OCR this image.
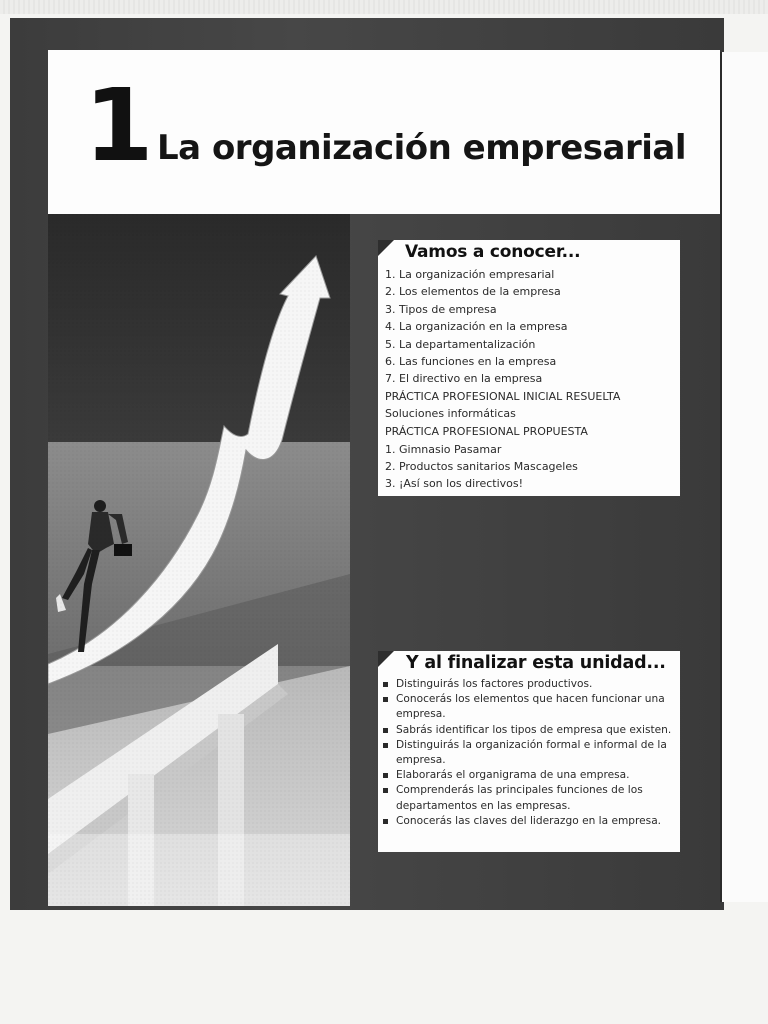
1 La organización empresarial
Vamos a conocer...
1. La organización empresarial
2. Los elementos de la empresa
3. Tipos de empresa
4. La organización en la empresa
5. La departamentalización
6. Las funciones en la empresa
7. El directivo en la empresa
PRÁCTICA PROFESIONAL INICIAL RESUELTA
Soluciones informáticas
PRÁCTICA PROFESIONAL PROPUESTA
1. Gimnasio Pasamar
2. Productos sanitarios Mascageles
3. ¡Así son los directivos!
Y al finalizar esta unidad...
Distinguirás los factores productivos.
Conocerás los elementos que hacen funcionar una empresa.
Sabrás identificar los tipos de empresa que existen.
Distinguirás la organización formal e informal de la empresa.
Elaborarás el organigrama de una empresa.
Comprenderás las principales funciones de los departamentos en las empresas.
Conocerás las claves del liderazgo en la empresa.
